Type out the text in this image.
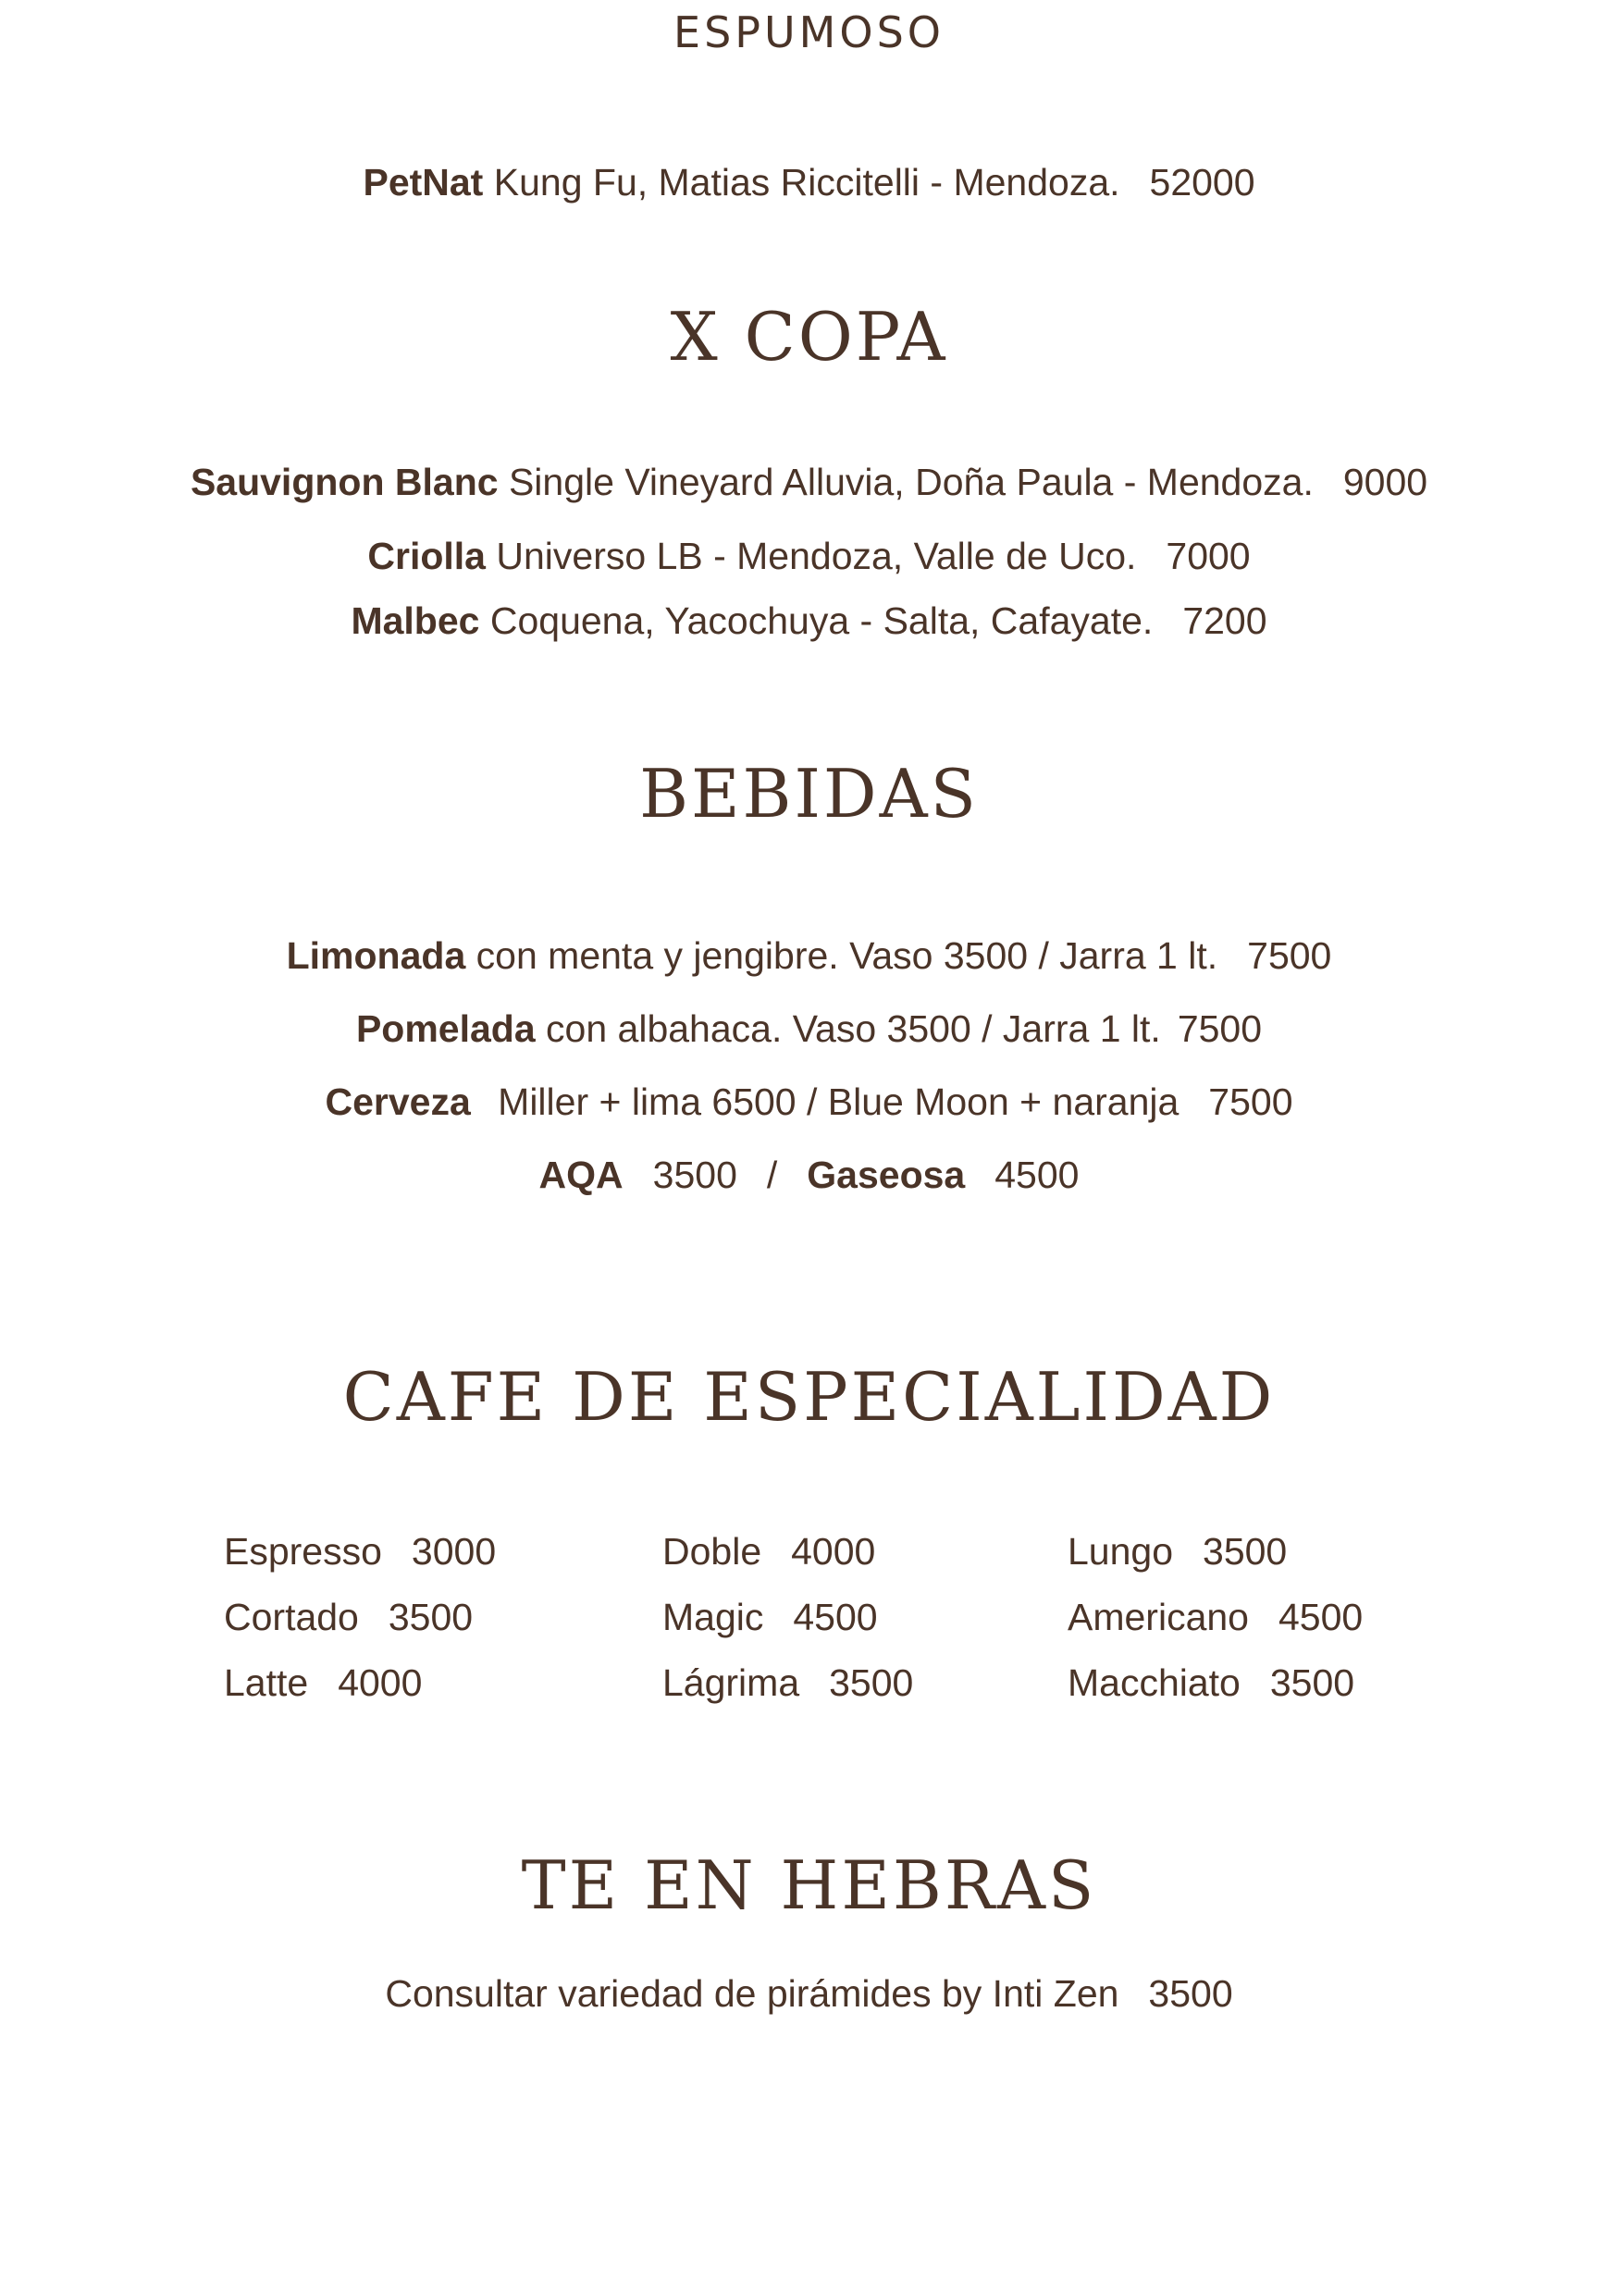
ESPUMOSO
PetNat Kung Fu, Matias Riccitelli - Mendoza. 52000
X COPA
Sauvignon Blanc Single Vineyard Alluvia, Doña Paula - Mendoza. 9000
Criolla Universo LB - Mendoza, Valle de Uco. 7000
Malbec Coquena, Yacochuya - Salta, Cafayate. 7200
BEBIDAS
Limonada con menta y jengibre. Vaso 3500 / Jarra 1 lt. 7500
Pomelada con albahaca. Vaso 3500 / Jarra 1 lt. 7500
Cerveza Miller + lima 6500 / Blue Moon + naranja 7500
AQA 3500 / Gaseosa 4500
CAFE DE ESPECIALIDAD
Espresso 3000
Cortado 3500
Latte 4000
Doble 4000
Magic 4500
Lágrima 3500
Lungo 3500
Americano 4500
Macchiato 3500
TE EN HEBRAS
Consultar variedad de pirámides by Inti Zen 3500
